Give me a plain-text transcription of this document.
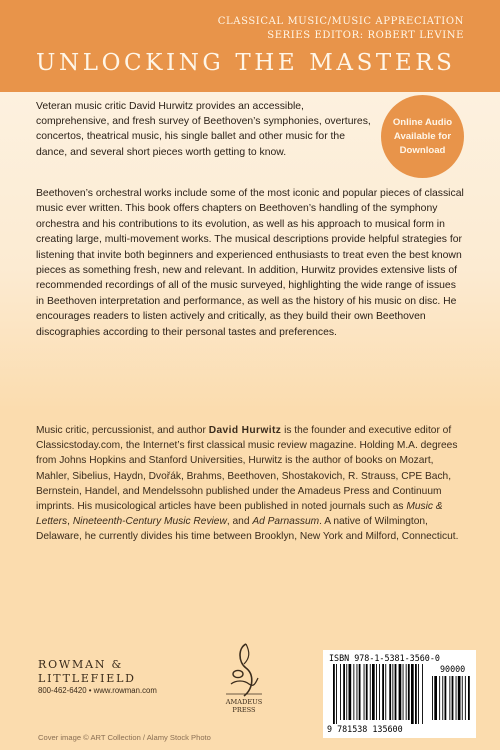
CLASSICAL MUSIC/MUSIC APPRECIATION
SERIES EDITOR: ROBERT LEVINE
UNLOCKING THE MASTERS

Veteran music critic David Hurwitz provides an accessible, comprehensive, and fresh survey of Beethoven’s symphonies, overtures, concertos, theatrical music, his single ballet and other music for the dance, and several short pieces worth getting to know.

Online Audio
Available for
Download

Beethoven’s orchestral works include some of the most iconic and popular pieces of classical music ever written. This book offers chapters on Beethoven’s handling of the symphony orchestra and his contributions to its evolution, as well as his approach to musical form in creating large, multi-movement works. The musical descriptions provide helpful strategies for listening that invite both beginners and experienced enthusiasts to treat even the best known pieces as something fresh, new and relevant. In addition, Hurwitz provides extensive lists of recommended recordings of all of the music surveyed, highlighting the wide range of issues in Beethoven interpretation and performance, as well as the history of his music on disc. He encourages readers to listen actively and critically, as they build their own Beethoven discographies according to their personal tastes and preferences.

Music critic, percussionist, and author David Hurwitz is the founder and executive editor of Classicstoday.com, the Internet’s first classical music review magazine. Holding M.A. degrees from Johns Hopkins and Stanford Universities, Hurwitz is the author of books on Mozart, Mahler, Sibelius, Haydn, Dvořák, Brahms, Beethoven, Shostakovich, R. Strauss, CPE Bach, Bernstein, Handel, and Mendelssohn published under the Amadeus Press and Continuum imprints. His musicological articles have been published in noted journals such as Music & Letters, Nineteenth-Century Music Review, and Ad Parnassum. A native of Wilmington, Delaware, he currently divides his time between Brooklyn, New York and Milford, Connecticut.

ROWMAN &
LITTLEFIELD
800-462-6420 • www.rowman.com
AMADEUS
PRESS
ISBN 978-1-5381-3560-0
90000
9 781538 135600
Cover image © ART Collection / Alamy Stock Photo
